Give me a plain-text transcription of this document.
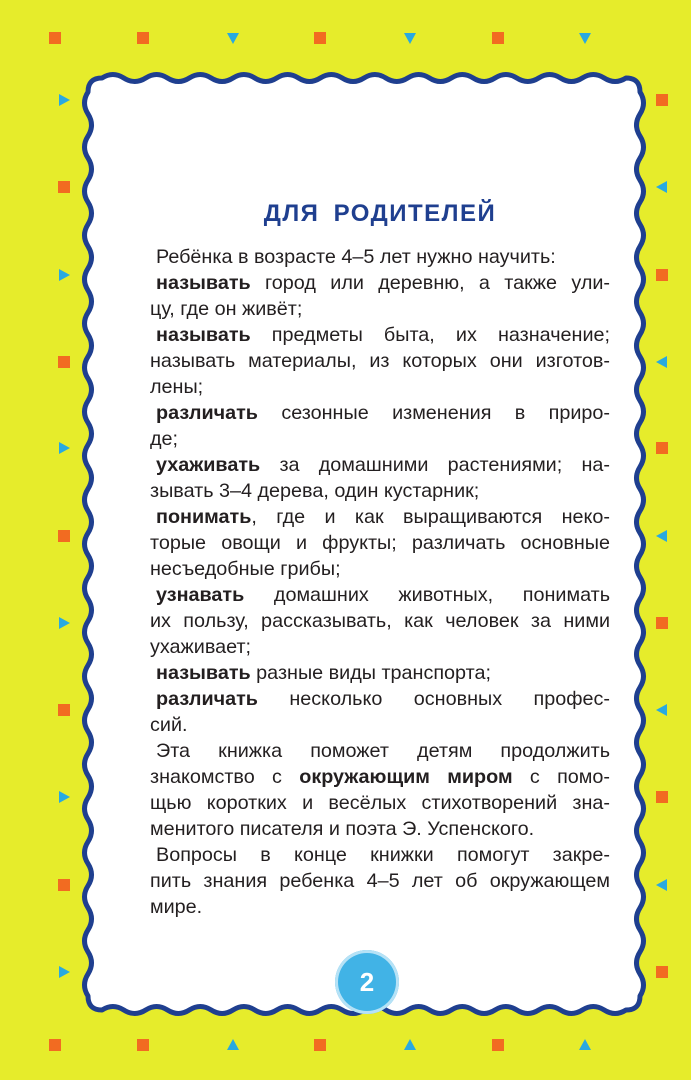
ДЛЯ РОДИТЕЛЕЙ
Ребёнка в возрасте 4–5 лет нужно научить:
называть город или деревню, а также ули-
цу, где он живёт;
называть предметы быта, их назначение;
называть материалы, из которых они изготов-
лены;
различать сезонные изменения в приро-
де;
ухаживать за домашними растениями; на-
зывать 3–4 дерева, один кустарник;
понимать, где и как выращиваются неко-
торые овощи и фрукты; различать основные
несъедобные грибы;
узнавать домашних животных, понимать
их пользу, рассказывать, как человек за ними
ухаживает;
называть разные виды транспорта;
различать несколько основных профес-
сий.
Эта книжка поможет детям продолжить
знакомство с окружающим миром с помо-
щью коротких и весёлых стихотворений зна-
менитого писателя и поэта Э. Успенского.
Вопросы в конце книжки помогут закре-
пить знания ребенка 4–5 лет об окружающем
мире.
2
